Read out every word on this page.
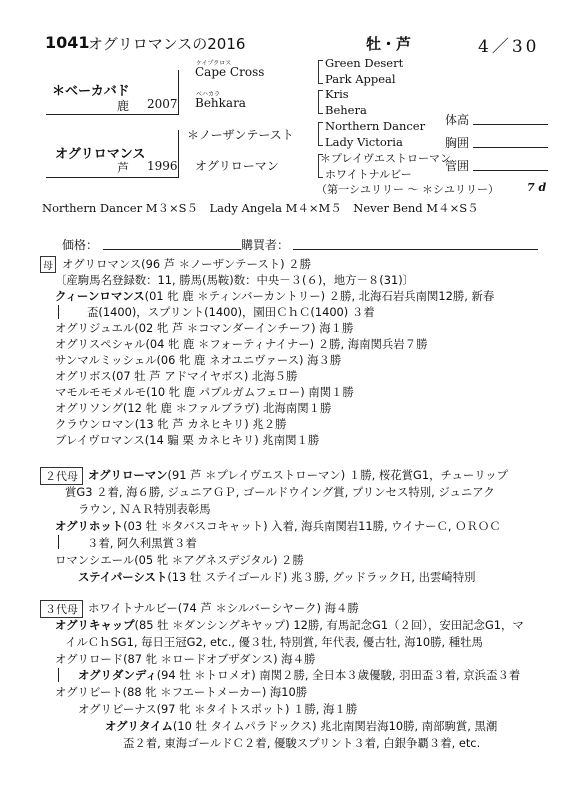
1041
オグリロマンスの2016	牡・芦	4／30
＊ベーカバド
鹿 2007
ケイプクロス
Cape Cross
ベハカラ
Behkara
Green Desert
Park Appeal
Kris
Behera
オグリロマンス
芦 1996
＊ノーザンテースト
オグリローマン
Northern Dancer
Lady Victoria
＊プレイヴエストローマン
ホワイトナルビー
（第一シユリリー ～ ＊シユリリー）	7 d
体高
胸囲
管囲
Northern Dancer M３×S５　Lady Angela M４×M５　Never Bend M４×S５
価格：	購買者：
母 オグリロマンス(96 芦 ＊ノーザンテースト) ２勝
〔産駒馬名登録数：11, 勝馬(馬鞍)数：中央－３(６)，地方－８(31)〕
クィーンロマンス(01 牝 鹿 ＊ティンバーカントリー) ２勝, 北海石岩兵南関12勝, 新春
盃(1400)，スプリント(1400)，園田ＣｈＣ(1400) ３着
オグリジュエル(02 牝 芦 ＊コマンダーインチーフ) 海１勝
オグリスペシャル(04 牝 鹿 ＊フォーティナイナー) ２勝, 海南関兵岩７勝
サンマルミッシェル(06 牝 鹿 ネオユニヴァース) 海３勝
オグリボス(07 牡 芦 アドマイヤボス) 北海５勝
マモルモモメルモ(10 牝 鹿 パブルガムフェロー) 南関１勝
オグリソング(12 牝 鹿 ＊ファルブラヴ) 北海南関１勝
クラウンロマン(13 牝 芦 カネヒキリ) 兆２勝
ブレイヴロマンス(14 騸 栗 カネヒキリ) 兆南関１勝
２代母 オグリローマン(91 芦 ＊プレイヴエストローマン) １勝, 桜花賞G1，チューリップ
賞G3 ２着, 海６勝, ジュニアＧＰ, ゴールドウイング賞, プリンセス特別, ジュニアク
ラウン, ＮＡＲ特別表彰馬
オグリホット(03 牡 ＊タバスコキャット) 入着, 海兵南関岩11勝, ウイナーＣ, ＯＲＯＣ
３着, 阿久利黒賞３着
ロマンシエール(05 牝 ＊アグネスデジタル) ２勝
ステイパーシスト(13 牡 ステイゴールド) 兆３勝, グッドラックＨ, 出雲崎特別
３代母 ホワイトナルビー(74 芦 ＊シルバーシヤーク) 海４勝
オグリキャップ(85 牡 ＊ダンシングキヤップ) 12勝, 有馬記念G1（２回），安田記念G1，マ
イルＣｈSG1, 毎日王冠G2, etc., 優３牡, 特別賞, 年代表, 優古牡, 海10勝, 種牡馬
オグリロード(87 牝 ＊ロードオブザダンス) 海４勝
オグリダンディ(94 牡 ＊トロメオ) 南関２勝, 全日本３歳優駿, 羽田盃３着, 京浜盃３着
オグリビート(88 牝 ＊フエートメーカー) 海10勝
オグリビーナス(97 牝 ＊タイトスポット) １勝, 海１勝
オグリタイム(10 牡 タイムパラドックス) 兆北南関岩海10勝, 南部駒賞, 黒潮
盃２着, 東海ゴールドＣ２着, 優駿スプリント３着, 白銀争覇３着, etc.
